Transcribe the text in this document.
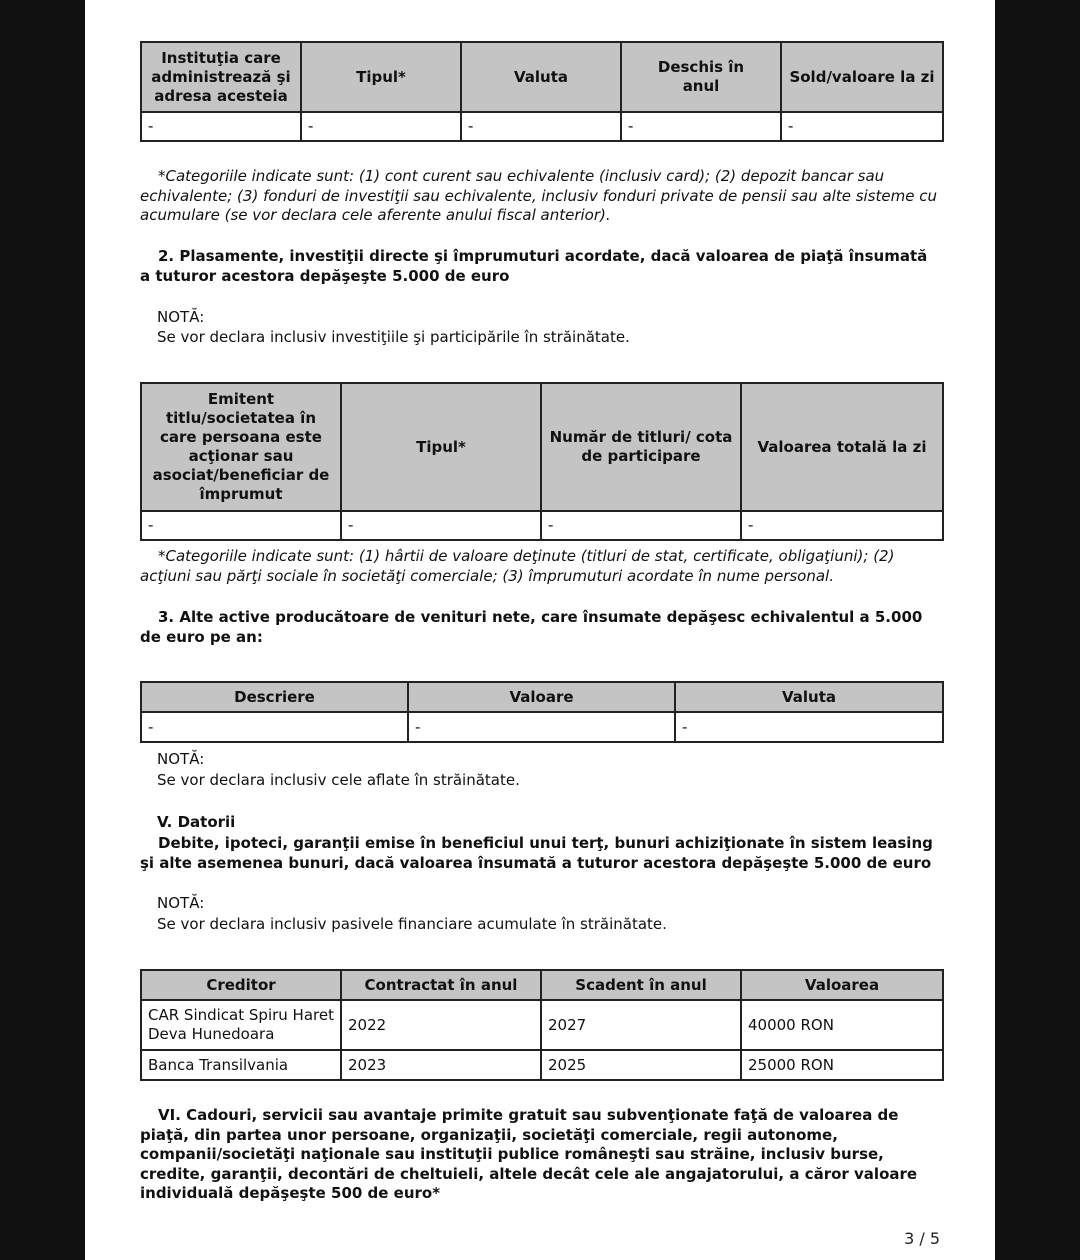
Instituţia care administrează şi adresa acesteia	Tipul*	Valuta	Deschis în anul	Sold/valoare la zi
-	-	-	-	-
*Categoriile indicate sunt: (1) cont curent sau echivalente (inclusiv card); (2) depozit bancar sau echivalente; (3) fonduri de investiţii sau echivalente, inclusiv fonduri private de pensii sau alte sisteme cu acumulare (se vor declara cele aferente anului fiscal anterior).
2. Plasamente, investiţii directe şi împrumuturi acordate, dacă valoarea de piaţă însumată a tuturor acestora depăşeşte 5.000 de euro
NOTĂ:
Se vor declara inclusiv investiţiile şi participările în străinătate.
Emitent titlu/societatea în care persoana este acţionar sau asociat/beneficiar de împrumut	Tipul*	Număr de titluri/ cota de participare	Valoarea totală la zi
-	-	-	-
*Categoriile indicate sunt: (1) hârtii de valoare deţinute (titluri de stat, certificate, obligaţiuni); (2) acţiuni sau părţi sociale în societăţi comerciale; (3) împrumuturi acordate în nume personal.
3. Alte active producătoare de venituri nete, care însumate depăşesc echivalentul a 5.000 de euro pe an:
Descriere	Valoare	Valuta
-	-	-
NOTĂ:
Se vor declara inclusiv cele aflate în străinătate.
V. Datorii
Debite, ipoteci, garanţii emise în beneficiul unui terţ, bunuri achiziţionate în sistem leasing şi alte asemenea bunuri, dacă valoarea însumată a tuturor acestora depăşeşte 5.000 de euro
NOTĂ:
Se vor declara inclusiv pasivele financiare acumulate în străinătate.
Creditor	Contractat în anul	Scadent în anul	Valoarea
CAR Sindicat Spiru Haret Deva Hunedoara	2022	2027	40000 RON
Banca Transilvania	2023	2025	25000 RON
VI. Cadouri, servicii sau avantaje primite gratuit sau subvenţionate faţă de valoarea de piaţă, din partea unor persoane, organizaţii, societăţi comerciale, regii autonome, companii/societăţi naţionale sau instituţii publice româneşti sau străine, inclusiv burse, credite, garanţii, decontări de cheltuieli, altele decât cele ale angajatorului, a căror valoare individuală depăşeşte 500 de euro*
3 / 5
